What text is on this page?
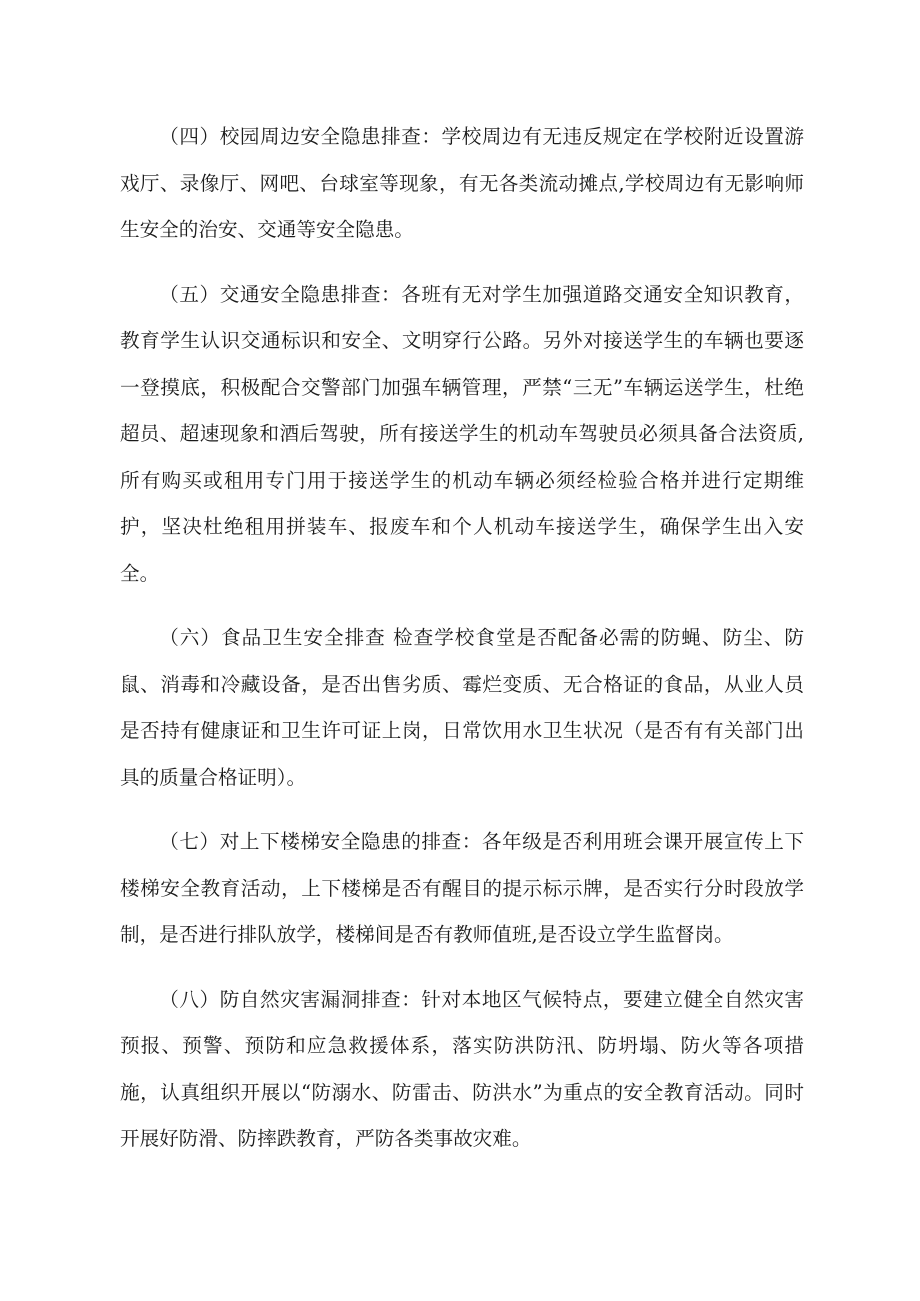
（四）校园周边安全隐患排查：学校周边有无违反规定在学校附近设置游戏厅、录像厅、网吧、台球室等现象，有无各类流动摊点,学校周边有无影响师生安全的治安、交通等安全隐患。

（五）交通安全隐患排查：各班有无对学生加强道路交通安全知识教育，教育学生认识交通标识和安全、文明穿行公路。另外对接送学生的车辆也要逐一登摸底，积极配合交警部门加强车辆管理，严禁“三无”车辆运送学生，杜绝超员、超速现象和酒后驾驶，所有接送学生的机动车驾驶员必须具备合法资质,所有购买或租用专门用于接送学生的机动车辆必须经检验合格并进行定期维护，坚决杜绝租用拼装车、报废车和个人机动车接送学生，确保学生出入安全。

（六）食品卫生安全排查 检查学校食堂是否配备必需的防蝇、防尘、防鼠、消毒和冷藏设备，是否出售劣质、霉烂变质、无合格证的食品，从业人员是否持有健康证和卫生许可证上岗，日常饮用水卫生状况（是否有有关部门出具的质量合格证明）。

（七）对上下楼梯安全隐患的排查：各年级是否利用班会课开展宣传上下楼梯安全教育活动，上下楼梯是否有醒目的提示标示牌，是否实行分时段放学制，是否进行排队放学，楼梯间是否有教师值班,是否设立学生监督岗。

（八）防自然灾害漏洞排查：针对本地区气候特点，要建立健全自然灾害预报、预警、预防和应急救援体系，落实防洪防汛、防坍塌、防火等各项措施，认真组织开展以“防溺水、防雷击、防洪水”为重点的安全教育活动。同时开展好防滑、防摔跌教育，严防各类事故灾难。
